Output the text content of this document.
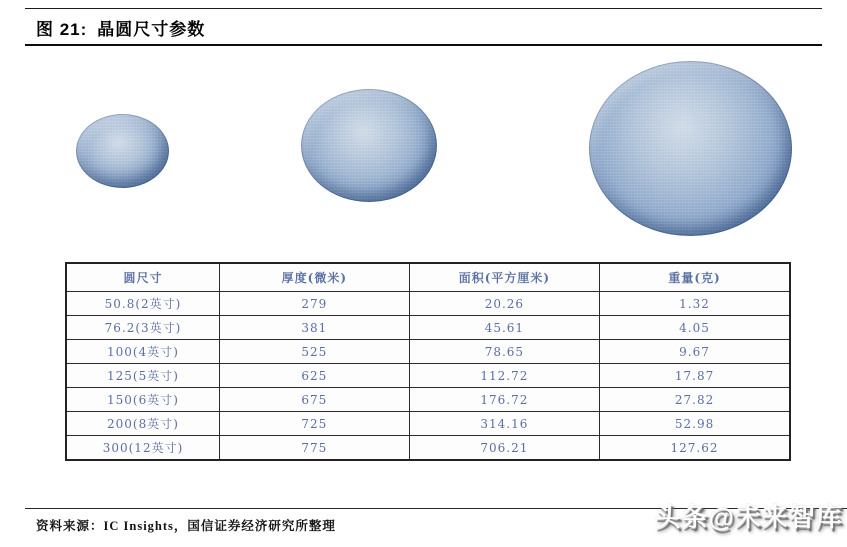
图 21: 晶圆尺寸参数
圆尺寸	厚度(微米)	面积(平方厘米)	重量(克)
50.8(2英寸)	279	20.26	1.32
76.2(3英寸)	381	45.61	4.05
100(4英寸)	525	78.65	9.67
125(5英寸)	625	112.72	17.87
150(6英寸)	675	176.72	27.82
200(8英寸)	725	314.16	52.98
300(12英寸)	775	706.21	127.62
资料来源：IC Insights，国信证券经济研究所整理	头条@未来智库
